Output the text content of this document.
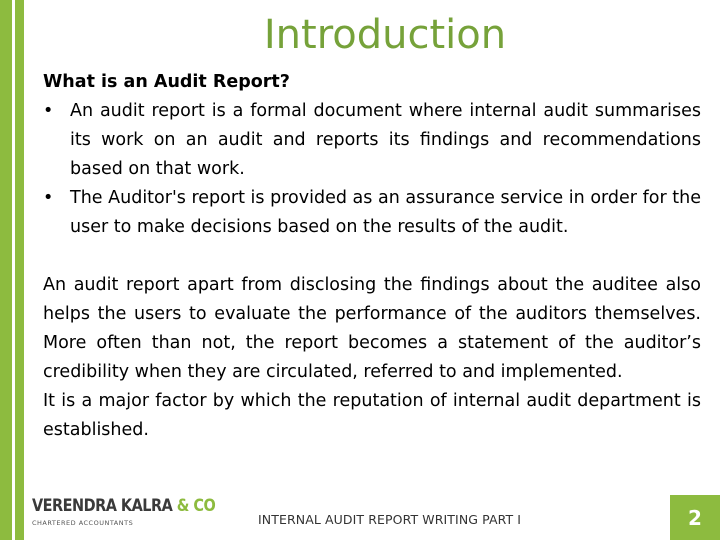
Introduction
What is an Audit Report?
• An audit report is a formal document where internal audit summarises its work on an audit and reports its findings and recommendations based on that work.
• The Auditor's report is provided as an assurance service in order for the user to make decisions based on the results of the audit.

An audit report apart from disclosing the findings about the auditee also helps the users to evaluate the performance of the auditors themselves. More often than not, the report becomes a statement of the auditor’s credibility when they are circulated, referred to and implemented.

It is a major factor by which the reputation of internal audit department is established.

VERENDRA KALRA & CO
CHARTERED ACCOUNTANTS	INTERNAL AUDIT REPORT WRITING PART I	2
